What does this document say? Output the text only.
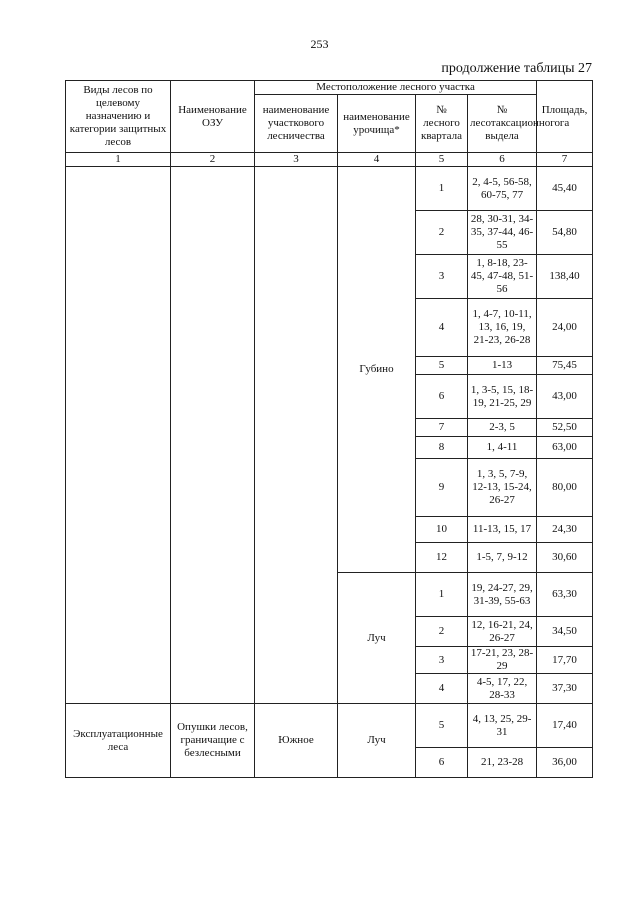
253
продолжение таблицы 27
Виды лесов по целевому назначению и категории защитных лесов	Наименование ОЗУ	Местоположение лесного участка				Площадь, га
		наименование участкового лесничества	наименование урочища*	№ лесного квартала	№ лесотаксационного выдела	
1	2	3	4	5	6	7
			Губино	1	2, 4-5, 56-58, 60-75, 77	45,40
				2	28, 30-31, 34-35, 37-44, 46-55	54,80
				3	1, 8-18, 23-45, 47-48, 51-56	138,40
				4	1, 4-7, 10-11, 13, 16, 19, 21-23, 26-28	24,00
				5	1-13	75,45
				6	1, 3-5, 15, 18-19, 21-25, 29	43,00
				7	2-3, 5	52,50
				8	1, 4-11	63,00
				9	1, 3, 5, 7-9, 12-13, 15-24, 26-27	80,00
				10	11-13, 15, 17	24,30
				12	1-5, 7, 9-12	30,60
			Луч	1	19, 24-27, 29, 31-39, 55-63	63,30
				2	12, 16-21, 24, 26-27	34,50
				3	17-21, 23, 28-29	17,70
				4	4-5, 17, 22, 28-33	37,30
Эксплуатационные леса	Опушки лесов, граничащие с безлесными	Южное	Луч	5	4, 13, 25, 29-31	17,40
				6	21, 23-28	36,00
